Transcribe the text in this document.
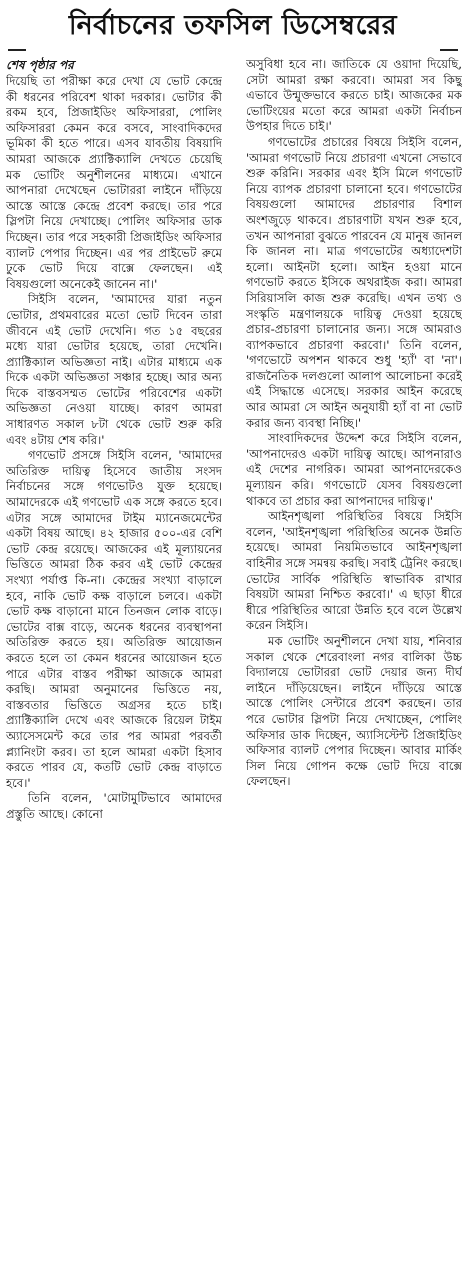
নির্বাচনের তফসিল ডিসেম্বরের
শেষ পৃষ্ঠার পর

দিয়েছি তা পরীক্ষা করে দেখা যে ভোট কেন্দ্রে কী ধরনের পরিবেশ থাকা দরকার। ভোটার কী রকম হবে, প্রিজাইডিং অফিসাররা, পোলিং অফিসাররা কেমন করে বসবে, সাংবাদিকদের ভূমিকা কী হতে পারে। এসব যাবতীয় বিষয়াদি আমরা আজকে প্র্যাক্টিক্যালি দেখতে চেয়েছি মক ভোটিং অনুশীলনের মাধ্যমে। এখানে আপনারা দেখেছেন ভোটাররা লাইনে দাঁড়িয়ে আস্তে আস্তে কেন্দ্রে প্রবেশ করছে। তার পরে স্লিপটা নিয়ে দেখাচ্ছে। পোলিং অফিসার ডাক দিচ্ছেন। তার পরে সহকারী প্রিজাইডিং অফিসার ব্যালট পেপার দিচ্ছেন। এর পর প্রাইভেট রুমে ঢুকে ভোট দিয়ে বাক্সে ফেলছেন। এই বিষয়গুলো অনেকেই জানেন না।'

সিইসি বলেন, 'আমাদের যারা নতুন ভোটার, প্রথমবারের মতো ভোট দিবেন তারা জীবনে এই ভোট দেখেনি। গত ১৫ বছরের মধ্যে যারা ভোটার হয়েছে, তারা দেখেনি। প্র্যাক্টিক্যাল অভিজ্ঞতা নাই। এটার মাধ্যমে এক দিকে একটা অভিজ্ঞতা সঞ্চার হচ্ছে। আর অন্য দিকে বাস্তবসম্মত ভোটের পরিবেশের একটা অভিজ্ঞতা নেওয়া যাচ্ছে। কারণ আমরা সাধারণত সকাল ৮টা থেকে ভোট শুরু করি এবং ৪টায় শেষ করি।'

গণভোট প্রসঙ্গে সিইসি বলেন, 'আমাদের অতিরিক্ত দায়িত্ব হিসেবে জাতীয় সংসদ নির্বাচনের সঙ্গে গণভোটও যুক্ত হয়েছে। আমাদেরকে এই গণভোট এক সঙ্গে করতে হবে। এটার সঙ্গে আমাদের টাইম ম্যানেজমেন্টের একটা বিষয় আছে। ৪২ হাজার ৫০০-এর বেশি ভোট কেন্দ্র রয়েছে। আজকের এই মূল্যায়নের ভিত্তিতে আমরা ঠিক করব এই ভোট কেন্দ্রের সংখ্যা পর্যাপ্ত কি-না। কেন্দ্রের সংখ্যা বাড়ালে হবে, নাকি ভোট কক্ষ বাড়ালে চলবে। একটা ভোট কক্ষ বাড়ানো মানে তিনজন লোক বাড়ে। ভোটের বাক্স বাড়ে, অনেক ধরনের ব্যবস্থাপনা অতিরিক্ত করতে হয়। অতিরিক্ত আয়োজন করতে হলে তা কেমন ধরনের আয়োজন হতে পারে এটার বাস্তব পরীক্ষা আজকে আমরা করছি। আমরা অনুমানের ভিত্তিতে নয়, বাস্তবতার ভিত্তিতে অগ্রসর হতে চাই। প্র্যাক্টিক্যালি দেখে এবং আজকে রিয়েল টাইম অ্যাসেসমেন্ট করে তার পর আমরা পরবর্তী প্ল্যানিংটা করব। তা হলে আমরা একটা হিসাব করতে পারব যে, কতটি ভোট কেন্দ্র বাড়াতে হবে।'

তিনি বলেন, 'মোটামুটিভাবে আমাদের প্রস্তুতি আছে। কোনো

অসুবিধা হবে না। জাতিকে যে ওয়াদা দিয়েছি, সেটা আমরা রক্ষা করবো। আমরা সব কিছু এভাবে উন্মুক্তভাবে করতে চাই। আজকের মক ভোটিংয়ের মতো করে আমরা একটা নির্বাচন উপহার দিতে চাই।'

গণভোটের প্রচারের বিষয়ে সিইসি বলেন, 'আমরা গণভোট নিয়ে প্রচারণা এখনো সেভাবে শুরু করিনি। সরকার এবং ইসি মিলে গণভোট নিয়ে ব্যাপক প্রচারণা চালানো হবে। গণভোটের বিষয়গুলো আমাদের প্রচারণার বিশাল অংশজুড়ে থাকবে। প্রচারণাটা যখন শুরু হবে, তখন আপনারা বুঝতে পারবেন যে মানুষ জানল কি জানল না। মাত্র গণভোটের অধ্যাদেশটা হলো। আইনটা হলো। আইন হওয়া মানে গণভোট করতে ইসিকে অথরাইজ করা। আমরা সিরিয়াসলি কাজ শুরু করেছি। এখন তথ্য ও সংস্কৃতি মন্ত্রণালয়কে দায়িত্ব দেওয়া হয়েছে প্রচার-প্রচারণা চালানোর জন্য। সঙ্গে আমরাও ব্যাপকভাবে প্রচারণা করবো।' তিনি বলেন, 'গণভোটে অপশন থাকবে শুধু 'হ্যাঁ' বা 'না'। রাজনৈতিক দলগুলো আলাপ আলোচনা করেই এই সিদ্ধান্তে এসেছে। সরকার আইন করেছে আর আমরা সে আইন অনুযায়ী হ্যাঁ বা না ভোট করার জন্য ব্যবস্থা নিচ্ছি।'

সাংবাদিকদের উদ্দেশ করে সিইসি বলেন, 'আপনাদেরও একটা দায়িত্ব আছে। আপনারাও এই দেশের নাগরিক। আমরা আপনাদেরকেও মূল্যায়ন করি। গণভোটে যেসব বিষয়গুলো থাকবে তা প্রচার করা আপনাদের দায়িত্ব।'

আইনশৃঙ্খলা পরিস্থিতির বিষয়ে সিইসি বলেন, 'আইনশৃঙ্খলা পরিস্থিতির অনেক উন্নতি হয়েছে। আমরা নিয়মিতভাবে আইনশৃঙ্খলা বাহিনীর সঙ্গে সমন্বয় করছি। সবাই ট্রেনিং করছে। ভোটের সার্বিক পরিস্থিতি স্বাভাবিক রাখার বিষয়টা আমরা নিশ্চিত করবো।' এ ছাড়া ধীরে ধীরে পরিস্থিতির আরো উন্নতি হবে বলে উল্লেখ করেন সিইসি।

মক ভোটিং অনুশীলনে দেখা যায়, শনিবার সকাল থেকে শেরেবাংলা নগর বালিকা উচ্চ বিদ্যালয়ে ভোটাররা ভোট দেয়ার জন্য দীর্ঘ লাইনে দাঁড়িয়েছেন। লাইনে দাঁড়িয়ে আস্তে আস্তে পোলিং সেন্টারে প্রবেশ করছেন। তার পরে ভোটার স্লিপটা নিয়ে দেখাচ্ছেন, পোলিং অফিসার ডাক দিচ্ছেন, অ্যাসিস্টেন্ট প্রিজাইডিং অফিসার ব্যালট পেপার দিচ্ছেন। আবার মার্কিং সিল নিয়ে গোপন কক্ষে ভোট দিয়ে বাক্সে ফেলছেন।
